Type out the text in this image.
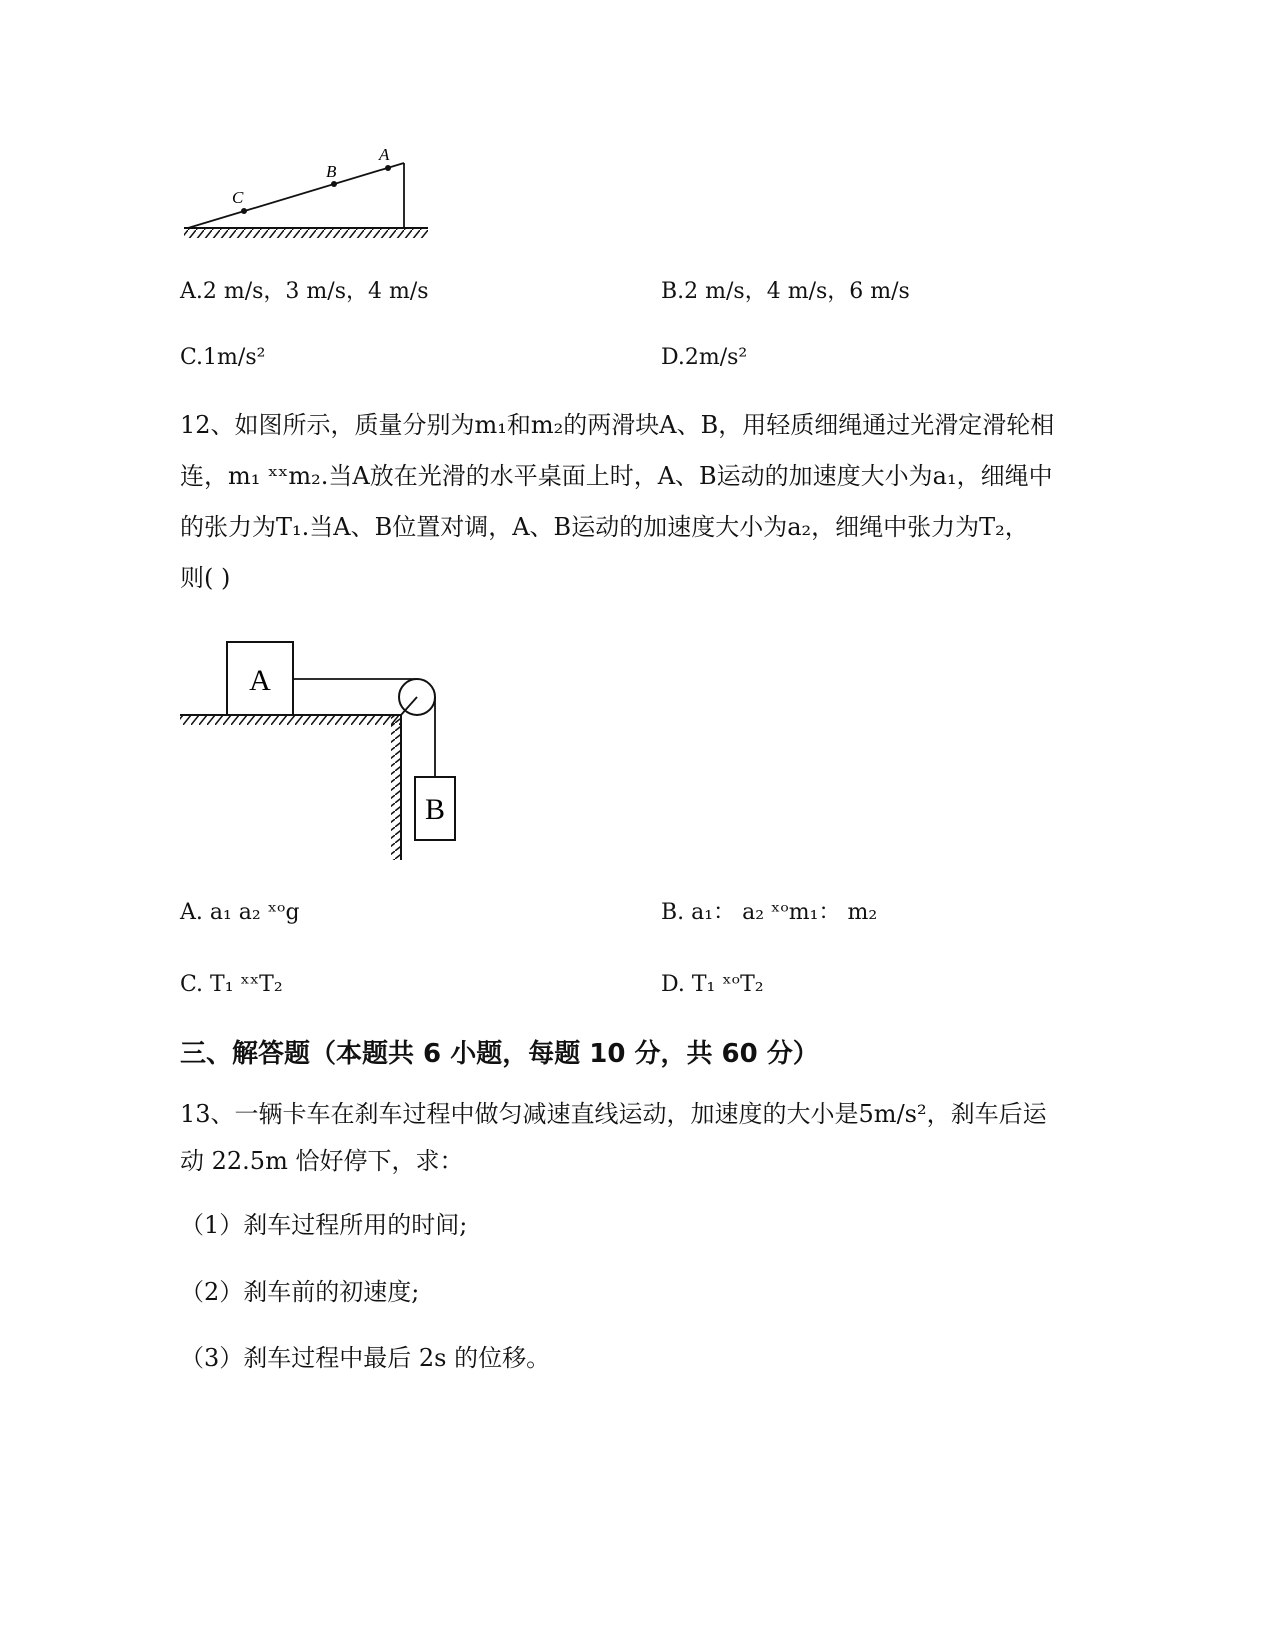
C
B
A
A.2 m/s，3 m/s，4 m/s	B.2 m/s，4 m/s，6 m/s
C.1m/s²	D.2m/s²
12、如图所示，质量分别为m₁和m₂的两滑块A、B，用轻质细绳通过光滑定滑轮相
连，m₁ ˣˣm₂.当A放在光滑的水平桌面上时，A、B运动的加速度大小为a₁，细绳中
的张力为T₁.当A、B位置对调，A、B运动的加速度大小为a₂，细绳中张力为T₂，
则( )
A
B
A. a₁ a₂ ˣᵒg	B. a₁： a₂ ˣᵒm₁： m₂
C. T₁ ˣˣT₂	D. T₁ ˣᵒT₂
三、解答题（本题共 6 小题，每题 10 分，共 60 分）
13、一辆卡车在刹车过程中做匀减速直线运动，加速度的大小是5m/s²，刹车后运
动 22.5m 恰好停下，求：
（1）刹车过程所用的时间;
（2）刹车前的初速度;
（3）刹车过程中最后 2s 的位移。
